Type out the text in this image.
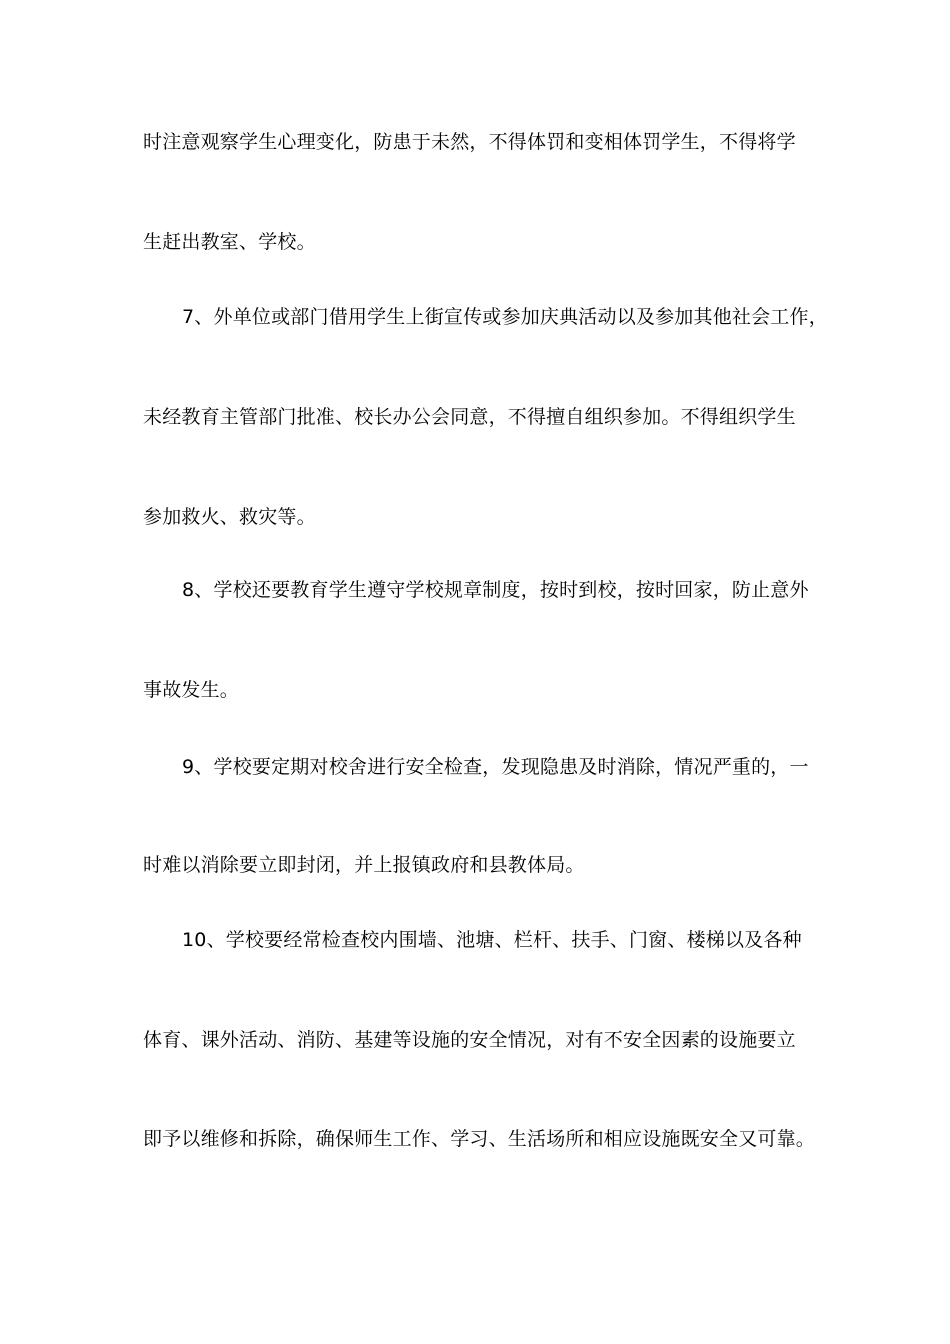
时注意观察学生心理变化，防患于未然，不得体罚和变相体罚学生，不得将学
生赶出教室、学校。
7、外单位或部门借用学生上街宣传或参加庆典活动以及参加其他社会工作，
未经教育主管部门批准、校长办公会同意，不得擅自组织参加。不得组织学生
参加救火、救灾等。
8、学校还要教育学生遵守学校规章制度，按时到校，按时回家，防止意外
事故发生。
9、学校要定期对校舍进行安全检查，发现隐患及时消除，情况严重的，一
时难以消除要立即封闭，并上报镇政府和县教体局。
10、学校要经常检查校内围墙、池塘、栏杆、扶手、门窗、楼梯以及各种
体育、课外活动、消防、基建等设施的安全情况，对有不安全因素的设施要立
即予以维修和拆除，确保师生工作、学习、生活场所和相应设施既安全又可靠。
